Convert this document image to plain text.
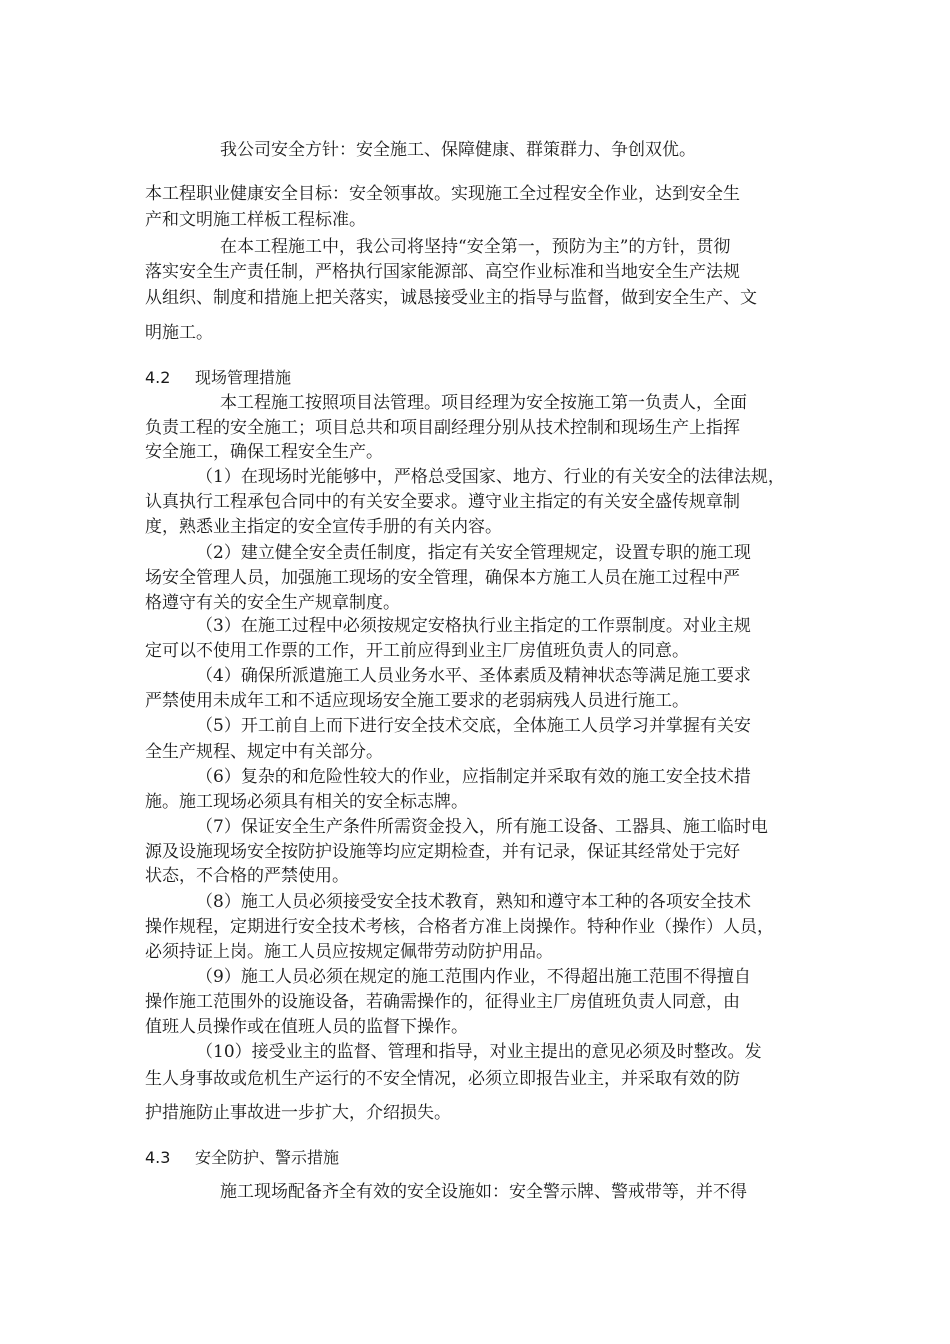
我公司安全方针：安全施工、保障健康、群策群力、争创双优。
本工程职业健康安全目标：安全领事故。实现施工全过程安全作业，达到安全生
产和文明施工样板工程标准。
在本工程施工中，我公司将坚持“安全第一，预防为主”的方针，贯彻
落实安全生产责任制，严格执行国家能源部、高空作业标准和当地安全生产法规
从组织、制度和措施上把关落实，诚恳接受业主的指导与监督，做到安全生产、文
明施工。
4.2 现场管理措施
本工程施工按照项目法管理。项目经理为安全按施工第一负责人，全面
负责工程的安全施工；项目总共和项目副经理分别从技术控制和现场生产上指挥
安全施工，确保工程安全生产。
（1）在现场时光能够中，严格总受国家、地方、行业的有关安全的法律法规，
认真执行工程承包合同中的有关安全要求。遵守业主指定的有关安全盛传规章制
度，熟悉业主指定的安全宣传手册的有关内容。
（2）建立健全安全责任制度，指定有关安全管理规定，设置专职的施工现
场安全管理人员，加强施工现场的安全管理，确保本方施工人员在施工过程中严
格遵守有关的安全生产规章制度。
（3）在施工过程中必须按规定安格执行业主指定的工作票制度。对业主规
定可以不使用工作票的工作，开工前应得到业主厂房值班负责人的同意。
（4）确保所派遣施工人员业务水平、圣体素质及精神状态等满足施工要求
严禁使用未成年工和不适应现场安全施工要求的老弱病残人员进行施工。
（5）开工前自上而下进行安全技术交底，全体施工人员学习并掌握有关安
全生产规程、规定中有关部分。
（6）复杂的和危险性较大的作业，应指制定并采取有效的施工安全技术措
施。施工现场必须具有相关的安全标志牌。
（7）保证安全生产条件所需资金投入，所有施工设备、工器具、施工临时电
源及设施现场安全按防护设施等均应定期检查，并有记录，保证其经常处于完好
状态，不合格的严禁使用。
（8）施工人员必须接受安全技术教育，熟知和遵守本工种的各项安全技术
操作规程，定期进行安全技术考核，合格者方准上岗操作。特种作业（操作）人员，
必须持证上岗。施工人员应按规定佩带劳动防护用品。
（9）施工人员必须在规定的施工范围内作业，不得超出施工范围不得擅自
操作施工范围外的设施设备，若确需操作的，征得业主厂房值班负责人同意，由
值班人员操作或在值班人员的监督下操作。
（10）接受业主的监督、管理和指导，对业主提出的意见必须及时整改。发
生人身事故或危机生产运行的不安全情况，必须立即报告业主，并采取有效的防
护措施防止事故进一步扩大，介绍损失。
4.3 安全防护、警示措施
施工现场配备齐全有效的安全设施如：安全警示牌、警戒带等，并不得
